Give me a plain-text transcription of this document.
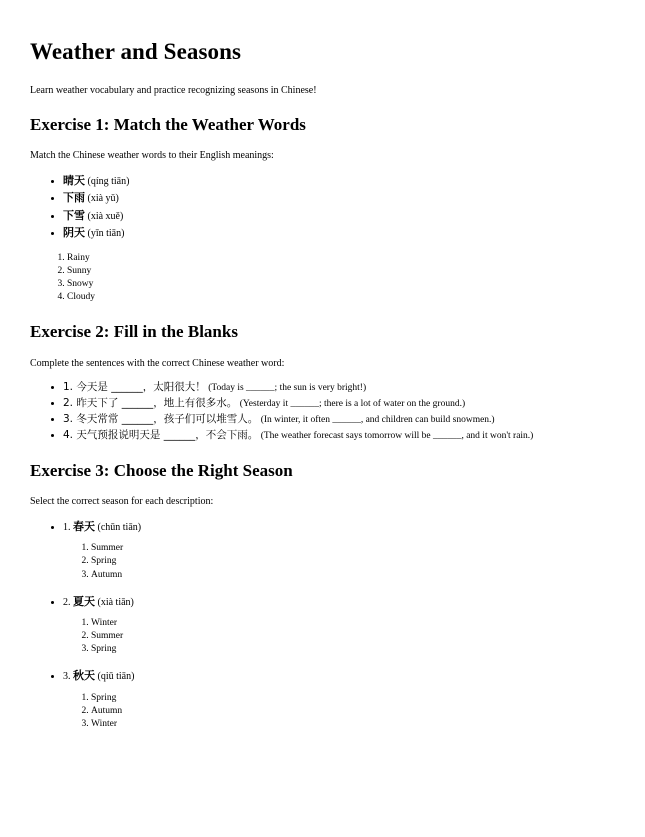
Weather and Seasons

Learn weather vocabulary and practice recognizing seasons in Chinese!

Exercise 1: Match the Weather Words

Match the Chinese weather words to their English meanings:

• 晴天 (qíng tiān)
• 下雨 (xià yǔ)
• 下雪 (xià xuě)
• 阴天 (yīn tiān)
1. Rainy
2. Sunny
3. Snowy
4. Cloudy
Exercise 2: Fill in the Blanks

Complete the sentences with the correct Chinese weather word:

• 1. 今天是 ______，太阳很大！ (Today is ______; the sun is very bright!)
• 2. 昨天下了 ______，地上有很多水。 (Yesterday it ______; there is a lot of water on the ground.)
• 3. 冬天常常 ______，孩子们可以堆雪人。 (In winter, it often ______, and children can build snowmen.)
• 4. 天气预报说明天是 ______，不会下雨。 (The weather forecast says tomorrow will be ______, and it won't rain.)
Exercise 3: Choose the Right Season

Select the correct season for each description:

• 1. 春天 (chūn tiān)
1. Summer
2. Spring
3. Autumn
• 2. 夏天 (xià tiān)
1. Winter
2. Summer
3. Spring
• 3. 秋天 (qiū tiān)
1. Spring
2. Autumn
3. Winter
